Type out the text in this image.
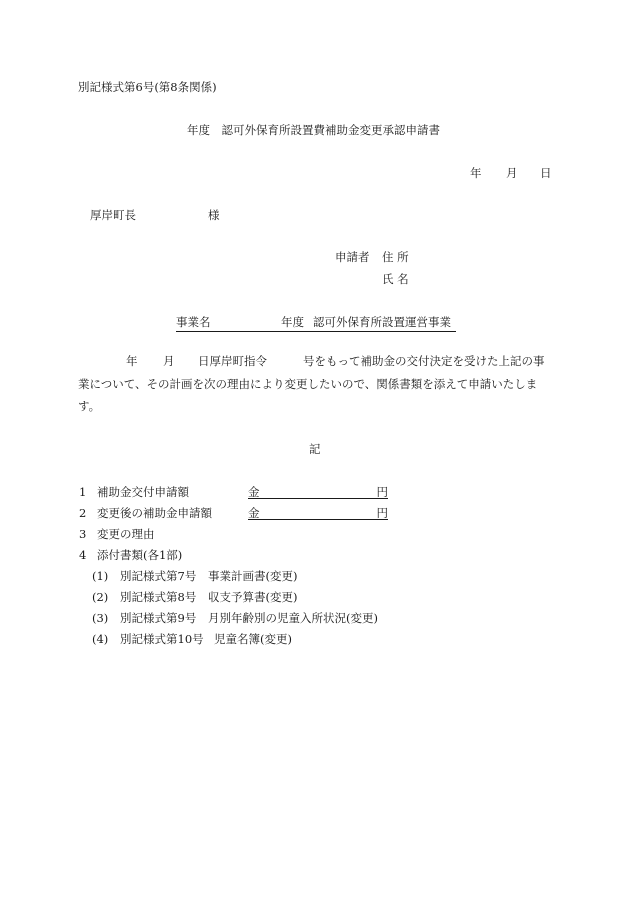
別記様式第6号(第8条関係)
年度　認可外保育所設置費補助金変更承認申請書
年 月 日
厚岸町長	様
申請者 住 所
氏 名
事業名	年度 認可外保育所設置運営事業
年 月 日厚岸町指令	号をもって補助金の交付決定を受けた上記の事
業について、その計画を次の理由により変更したいので、関係書類を添えて申請いたしま
す。
記
1 補助金交付申請額	金	円
2 変更後の補助金申請額	金	円
3 変更の理由
4 添付書類(各1部)
(1) 別記様式第7号 事業計画書(変更)
(2) 別記様式第8号 収支予算書(変更)
(3) 別記様式第9号 月別年齢別の児童入所状況(変更)
(4) 別記様式第10号 児童名簿(変更)
